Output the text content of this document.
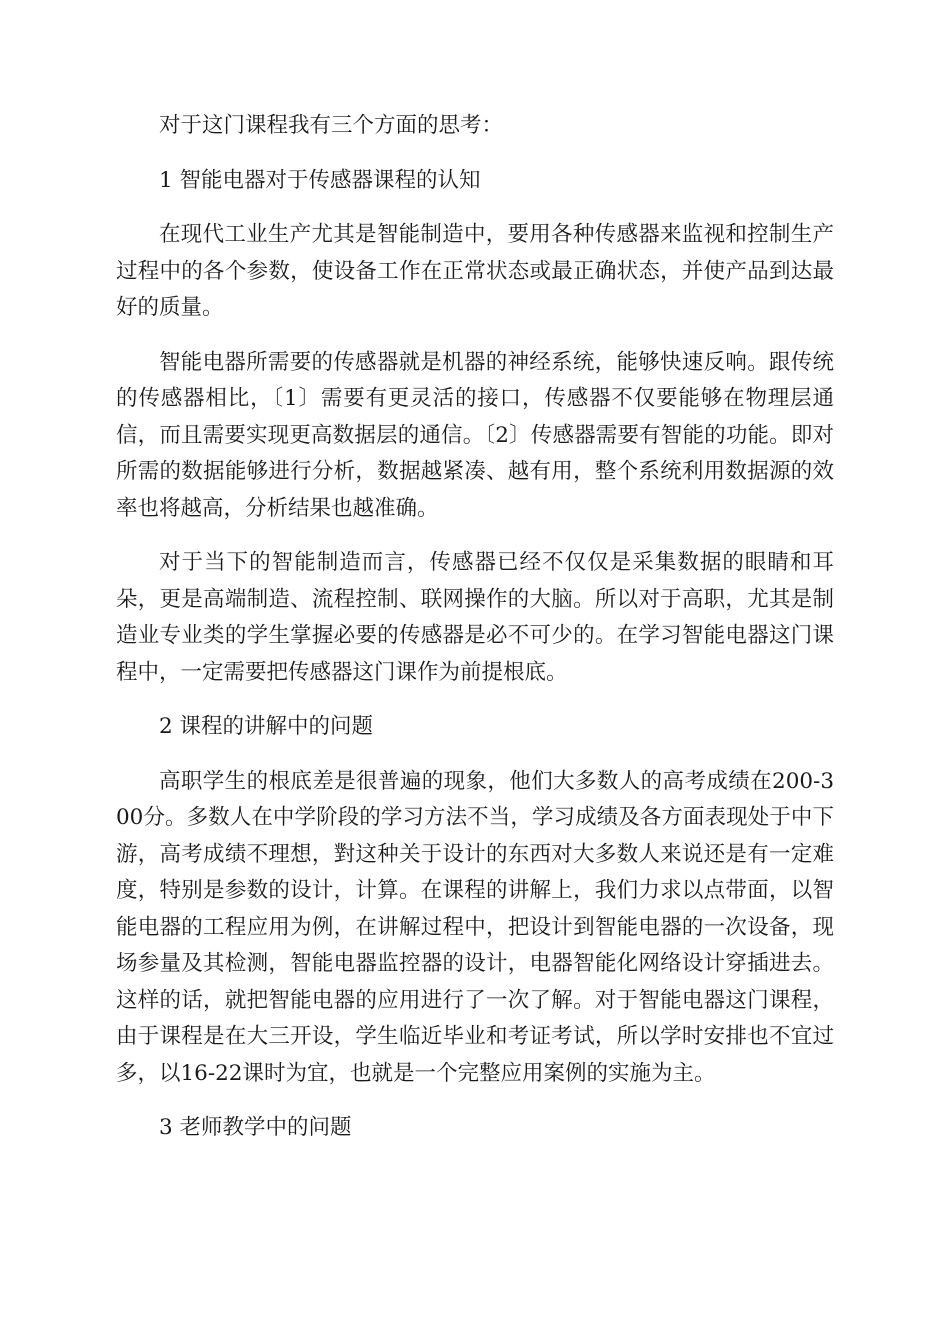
对于这门课程我有三个方面的思考：

1 智能电器对于传感器课程的认知

在现代工业生产尤其是智能制造中，要用各种传感器来监视和控制生产过程中的各个参数，使设备工作在正常状态或最正确状态，并使产品到达最好的质量。

智能电器所需要的传感器就是机器的神经系统，能够快速反响。跟传统的传感器相比，〔1〕需要有更灵活的接口，传感器不仅要能够在物理层通信，而且需要实现更高数据层的通信。〔2〕传感器需要有智能的功能。即对所需的数据能够进行分析，数据越紧凑、越有用，整个系统利用数据源的效率也将越高，分析结果也越准确。

对于当下的智能制造而言，传感器已经不仅仅是采集数据的眼睛和耳朵，更是高端制造、流程控制、联网操作的大脑。所以对于高职，尤其是制造业专业类的学生掌握必要的传感器是必不可少的。在学习智能电器这门课程中，一定需要把传感器这门课作为前提根底。

2 课程的讲解中的问题

高职学生的根底差是很普遍的现象，他们大多数人的高考成绩在200-300分。多数人在中学阶段的学习方法不当，学习成绩及各方面表现处于中下游，高考成绩不理想，對这种关于设计的东西对大多数人来说还是有一定难度，特别是参数的设计，计算。在课程的讲解上，我们力求以点带面，以智能电器的工程应用为例，在讲解过程中，把设计到智能电器的一次设备，现场参量及其检测，智能电器监控器的设计，电器智能化网络设计穿插进去。这样的话，就把智能电器的应用进行了一次了解。对于智能电器这门课程，由于课程是在大三开设，学生临近毕业和考证考试，所以学时安排也不宜过多，以16-22课时为宜，也就是一个完整应用案例的实施为主。

3 老师教学中的问题
